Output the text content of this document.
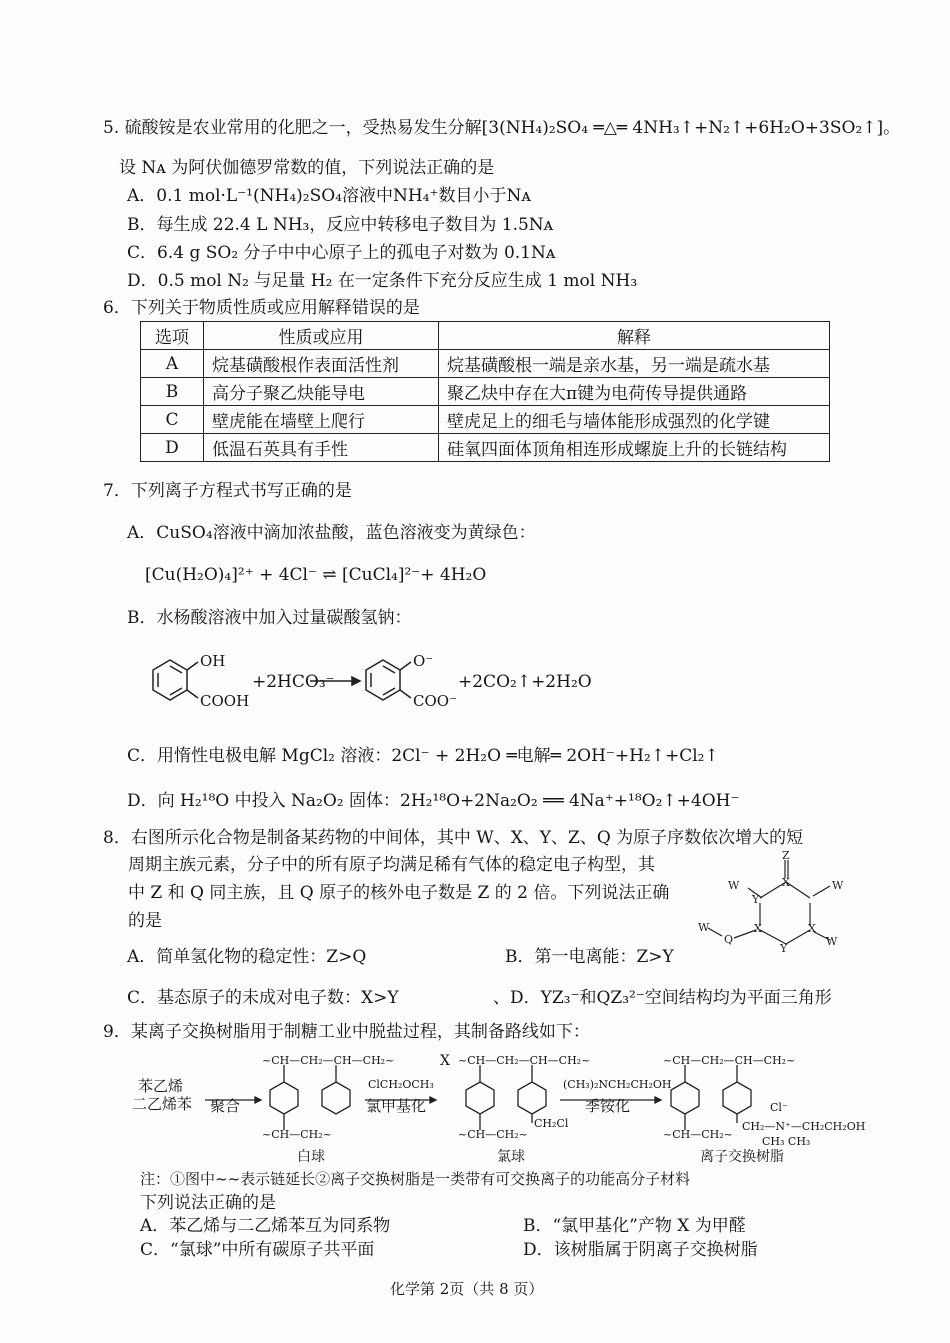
5. 硫酸铵是农业常用的化肥之一，受热易发生分解[3(NH₄)₂SO₄ ═△═ 4NH₃↑+N₂↑+6H₂O+3SO₂↑]。
设 Nᴀ 为阿伏伽德罗常数的值，下列说法正确的是
A．0.1 mol·L⁻¹(NH₄)₂SO₄溶液中NH₄⁺数目小于Nᴀ
B．每生成 22.4 L NH₃，反应中转移电子数目为 1.5Nᴀ
C．6.4 g SO₂ 分子中中心原子上的孤电子对数为 0.1Nᴀ
D．0.5 mol N₂ 与足量 H₂ 在一定条件下充分反应生成 1 mol NH₃
6．下列关于物质性质或应用解释错误的是
选项	性质或应用	解释
A	烷基磺酸根作表面活性剂	烷基磺酸根一端是亲水基，另一端是疏水基
B	高分子聚乙炔能导电	聚乙炔中存在大π键为电荷传导提供通路
C	壁虎能在墙壁上爬行	壁虎足上的细毛与墙体能形成强烈的化学键
D	低温石英具有手性	硅氧四面体顶角相连形成螺旋上升的长链结构
7．下列离子方程式书写正确的是
A．CuSO₄溶液中滴加浓盐酸，蓝色溶液变为黄绿色：
[Cu(H₂O)₄]²⁺ + 4Cl⁻ ⇌ [CuCl₄]²⁻+ 4H₂O
B．水杨酸溶液中加入过量碳酸氢钠：
OH
COOH
+2HCO₃⁻
O⁻
COO⁻
+2CO₂↑+2H₂O
C．用惰性电极电解 MgCl₂ 溶液：2Cl⁻ + 2H₂O ═电解═ 2OH⁻+H₂↑+Cl₂↑
D．向 H₂¹⁸O 中投入 Na₂O₂ 固体：2H₂¹⁸O+2Na₂O₂ ══ 4Na⁺+¹⁸O₂↑+4OH⁻
8．右图所示化合物是制备某药物的中间体，其中 W、X、Y、Z、Q 为原子序数依次增大的短
周期主族元素，分子中的所有原子均满足稀有气体的稳定电子构型，其
中 Z 和 Q 同主族，且 Q 原子的核外电子数是 Z 的 2 倍。下列说法正确
的是
Z
W
Y
X	W
W
Q
X
Y
X
W
A．简单氢化物的稳定性：Z>Q	B．第一电离能：Z>Y
C．基态原子的未成对电子数：X>Y	、D．YZ₃⁻和QZ₃²⁻空间结构均为平面三角形
9．某离子交换树脂用于制糖工业中脱盐过程，其制备路线如下：
苯乙烯
二乙烯苯 聚合
ClCH₂OCH₃
氯甲基化
X
(CH₃)₂NCH₂CH₂OH
季铵化
~CH—CH₂—CH—CH₂~
~CH—CH₂~
~CH—CH₂—CH—CH₂~
~CH—CH₂~
CH₂Cl
~CH—CH₂—CH—CH₂~
~CH—CH₂~
Cl⁻
CH₂—N⁺—CH₂CH₂OH
CH₃ CH₃
白球	氯球	离子交换树脂
注：①图中~~表示链延长②离子交换树脂是一类带有可交换离子的功能高分子材料
下列说法正确的是
A．苯乙烯与二乙烯苯互为同系物	B．“氯甲基化”产物 X 为甲醛
C．“氯球”中所有碳原子共平面	D．该树脂属于阴离子交换树脂
化学第 2页（共 8 页）
